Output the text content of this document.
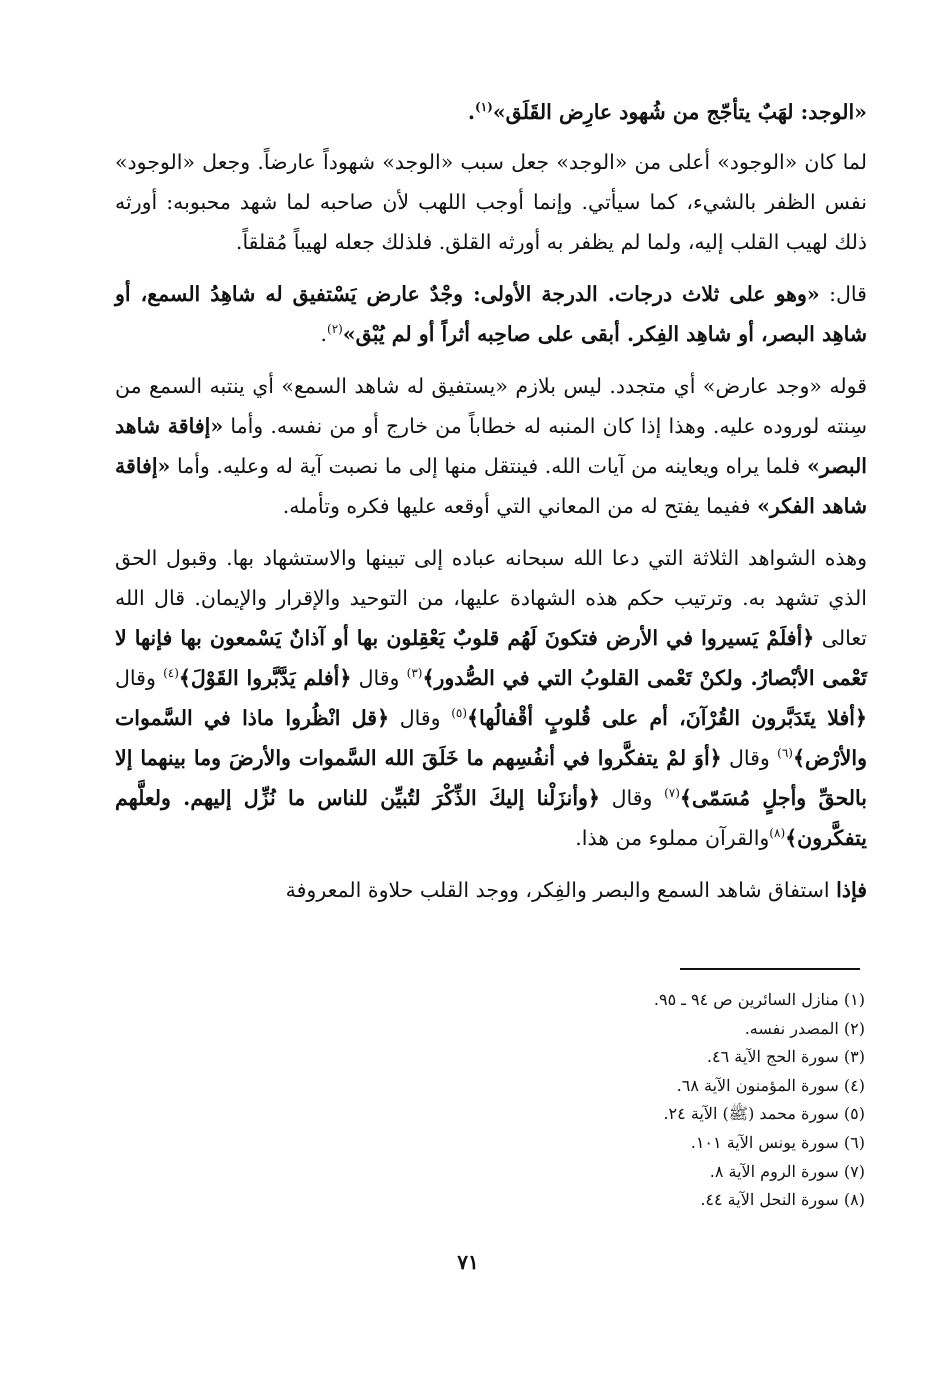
«الوجد: لهَبٌ يتأجّج من شُهود عارِض القَلَق»$^{(١)}$.

لما كان «الوجود» أعلى من «الوجد» جعل سبب «الوجد» شهوداً عارضاً. وجعل «الوجود» نفس الظفر بالشيء، كما سيأتي. وإنما أوجب اللهب لأن صاحبه لما شهد محبوبه: أورثه ذلك لهيب القلب إليه، ولما لم يظفر به أورثه القلق. فلذلك جعله لهيباً مُقلقاً.

قال: «وهو على ثلاث درجات. الدرجة الأولى: وجْدٌ عارض يَسْتفيق له شاهِدُ السمع، أو شاهِد البصر، أو شاهِد الفِكر. أبقى على صاحِبه أثراً أو لم يُبْق»$^{(٢)}$.

قوله «وجد عارض» أي متجدد. ليس بلازم «يستفيق له شاهد السمع» أي ينتبه السمع من سِنته لوروده عليه. وهذا إذا كان المنبه له خطاباً من خارج أو من نفسه. وأما «إفاقة شاهد البصر» فلما يراه ويعاينه من آيات الله. فينتقل منها إلى ما نصبت آية له وعليه. وأما «إفاقة شاهد الفكر» ففيما يفتح له من المعاني التي أوقعه عليها فكره وتأمله.

وهذه الشواهد الثلاثة التي دعا الله سبحانه عباده إلى تبينها والاستشهاد بها. وقبول الحق الذي تشهد به. وترتيب حكم هذه الشهادة عليها، من التوحيد والإقرار والإيمان. قال الله تعالى ﴿أفلَمْ يَسيروا في الأرض فتكونَ لَهُم قلوبٌ يَعْقِلون بها أو آذانٌ يَسْمعون بها فإنها لا تَعْمى الأبْصارُ. ولكنْ تَعْمى القلوبُ التي في الصُّدور﴾$^{(٣)}$ وقال ﴿أفلم يَدَّبَّروا القَوْلَ﴾$^{(٤)}$ وقال ﴿أفلا يتَدَبَّرون القُرْآنَ، أم على قُلوبٍ أقْفالُها﴾$^{(٥)}$ وقال ﴿قل انْظُروا ماذا في السَّموات والأرْض﴾$^{(٦)}$ وقال ﴿أوَ لمْ يتفكَّروا في أنفُسِهم ما خَلَقَ الله السَّموات والأرضَ وما بينهما إلا بالحقِّ وأجلٍ مُسَمّى﴾$^{(٧)}$ وقال ﴿وأنزَلْنا إليكَ الذِّكْرَ لتُبيِّن للناس ما نُزِّل إليهم. ولعلَّهم يتفكَّرون﴾$^{(٨)}$والقرآن مملوء من هذا.

فإذا استفاق شاهد السمع والبصر والفِكر، ووجد القلب حلاوة المعروفة

(١) منازل السائرين ص ٩٤ ـ ٩٥.
(٢) المصدر نفسه.
(٣) سورة الحج الآية ٤٦.
(٤) سورة المؤمنون الآية ٦٨.
(٥) سورة محمد (ﷺ) الآية ٢٤.
(٦) سورة يونس الآية ١٠١.
(٧) سورة الروم الآية ٨.
(٨) سورة النحل الآية ٤٤.
٧١
